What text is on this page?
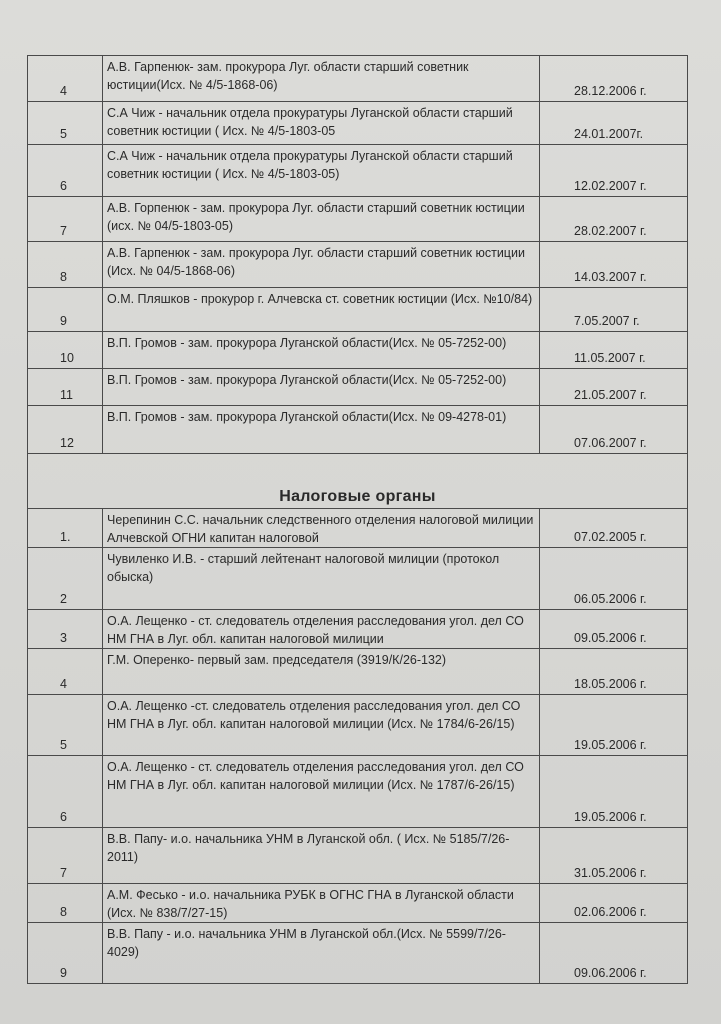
4	А.В. Гарпенюк- зам. прокурора Луг. области старший советник юстиции(Исх. № 4/5-1868-06)	28.12.2006 г.

5	С.А Чиж - начальник отдела прокуратуры Луганской области старший советник юстиции ( Исх. № 4/5-1803-05	24.01.2007г.

6	С.А Чиж - начальник отдела прокуратуры Луганской области старший советник юстиции ( Исх. № 4/5-1803-05)	12.02.2007 г.

7	А.В. Горпенюк - зам. прокурора Луг. области старший советник юстиции (исх. № 04/5-1803-05)	28.02.2007 г.

8	А.В. Гарпенюк - зам. прокурора Луг. области старший советник юстиции (Исх. № 04/5-1868-06)	14.03.2007 г.

9	О.М. Пляшков - прокурор г. Алчевска ст. советник юстиции (Исх. №10/84)	7.05.2007 г.

10	В.П. Громов - зам. прокурора Луганской области(Исх. № 05-7252-00)	11.05.2007 г.

11	В.П. Громов - зам. прокурора Луганской области(Исх. № 05-7252-00)	21.05.2007 г.

12	В.П. Громов - зам. прокурора Луганской области(Исх. № 09-4278-01)	07.06.2007 г.

Налоговые органы		

1.	Черепинин С.С. начальник следственного отделения налоговой милиции Алчевской ОГНИ капитан налоговой	07.02.2005 г.

2	Чувиленко И.В. - старший лейтенант налоговой милиции (протокол обыска)	06.05.2006 г.

3	О.А. Лещенко - ст. следователь отделения расследования угол. дел СО НМ ГНА в Луг. обл. капитан налоговой милиции	09.05.2006 г.

4	Г.М. Оперенко- первый зам. председателя (3919/К/26-132)	18.05.2006 г.

5	О.А. Лещенко -ст. следователь отделения расследования угол. дел СО НМ ГНА в Луг. обл. капитан налоговой милиции (Исх. № 1784/6-26/15)	19.05.2006 г.

6	О.А. Лещенко - ст. следователь отделения расследования угол. дел СО НМ ГНА в Луг. обл. капитан налоговой милиции (Исх. № 1787/6-26/15)	19.05.2006 г.

7	В.В. Папу- и.о. начальника УНМ в Луганской обл. ( Исх. № 5185/7/26-2011)	31.05.2006 г.

8	А.М. Фесько - и.о. начальника РУБК в ОГНС ГНА в Луганской области (Исх. № 838/7/27-15)	02.06.2006 г.

9	В.В. Папу - и.о. начальника УНМ в Луганской обл.(Исх. № 5599/7/26-4029)	09.06.2006 г.
